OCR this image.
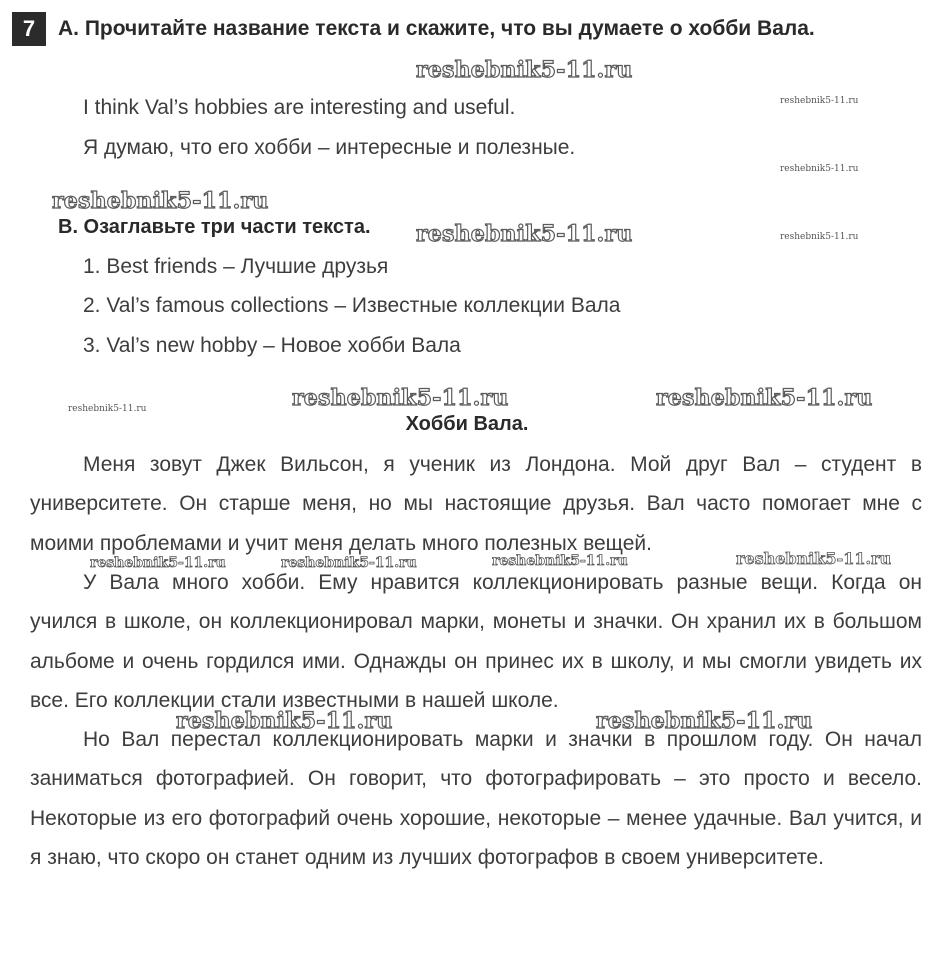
7	A. Прочитайте название текста и скажите, что вы думаете о хобби Вала.
I think Val’s hobbies are interesting and useful.
Я думаю, что его хобби – интересные и полезные.
B. Озаглавьте три части текста.
1. Best friends – Лучшие друзья
2. Val’s famous collections – Известные коллекции Вала
3. Val’s new hobby – Новое хобби Вала
Хобби Вала.
Меня зовут Джек Вильсон, я ученик из Лондона. Мой друг Вал – студент в университете. Он старше меня, но мы настоящие друзья. Вал часто помогает мне с моими проблемами и учит меня делать много полезных вещей.
У Вала много хобби. Ему нравится коллекционировать разные вещи. Когда он учился в школе, он коллекционировал марки, монеты и значки. Он хранил их в большом альбоме и очень гордился ими. Однажды он принес их в школу, и мы смогли увидеть их все. Его коллекции стали известными в нашей школе.
Но Вал перестал коллекционировать марки и значки в прошлом году. Он начал заниматься фотографией. Он говорит, что фотографировать – это просто и весело. Некоторые из его фотографий очень хорошие, некоторые – менее удачные. Вал учится, и я знаю, что скоро он станет одним из лучших фотографов в своем университете.
reshebnik5-11.ru
reshebnik5-11.ru
reshebnik5-11.ru
reshebnik5-11.ru
reshebnik5-11.ru	reshebnik5-11.ru
reshebnik5-11.ru	reshebnik5-11.ru
reshebnik5-11.ru
reshebnik5-11.ru	reshebnik5-11.ru	reshebnik5-11.ru	reshebnik5-11.ru
reshebnik5-11.ru	reshebnik5-11.ru
